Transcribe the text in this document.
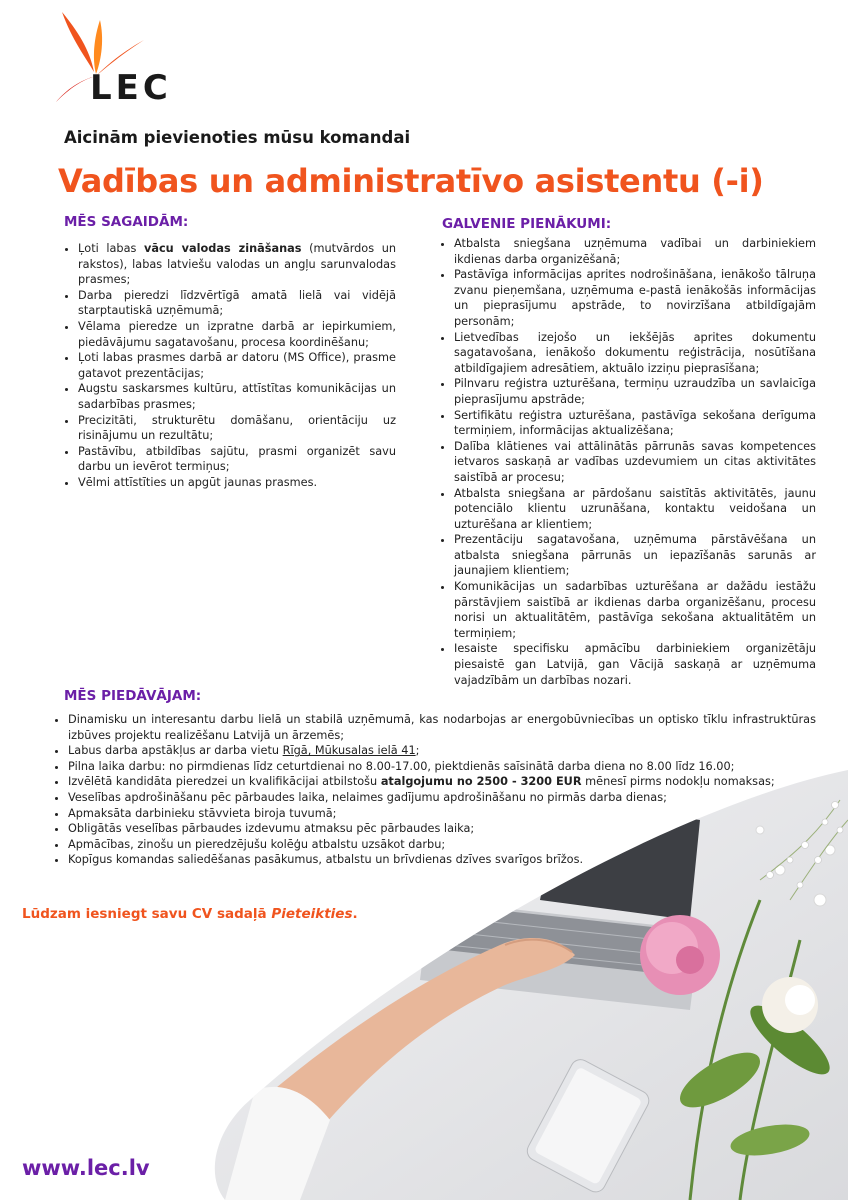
LEC
Aicinām pievienoties mūsu komandai
Vadības un administratīvo asistentu (-i)
MĒS SAGAIDĀM:
• Ļoti labas vācu valodas zināšanas (mutvārdos un rakstos), labas latviešu valodas un angļu sarunvalodas prasmes;
• Darba pieredzi līdzvērtīgā amatā lielā vai vidējā starptautiskā uzņēmumā;
• Vēlama pieredze un izpratne darbā ar iepirkumiem, piedāvājumu sagatavošanu, procesa koordinēšanu;
• Ļoti labas prasmes darbā ar datoru (MS Office), prasme gatavot prezentācijas;
• Augstu saskarsmes kultūru, attīstītas komunikācijas un sadarbības prasmes;
• Precizitāti, strukturētu domāšanu, orientāciju uz risinājumu un rezultātu;
• Pastāvību, atbildības sajūtu, prasmi organizēt savu darbu un ievērot termiņus;
• Vēlmi attīstīties un apgūt jaunas prasmes.
GALVENIE PIENĀKUMI:
• Atbalsta sniegšana uzņēmuma vadībai un darbiniekiem ikdienas darba organizēšanā;
• Pastāvīga informācijas aprites nodrošināšana, ienākošo tālruņa zvanu pieņemšana, uzņēmuma e-pastā ienākošās informācijas un pieprasījumu apstrāde, to novirzīšana atbildīgajām personām;
• Lietvedības izejošo un iekšējās aprites dokumentu sagatavošana, ienākošo dokumentu reģistrācija, nosūtīšana atbildīgajiem adresātiem, aktuālo izziņu pieprasīšana;
• Pilnvaru reģistra uzturēšana, termiņu uzraudzība un savlaicīga pieprasījumu apstrāde;
• Sertifikātu reģistra uzturēšana, pastāvīga sekošana derīguma termiņiem, informācijas aktualizēšana;
• Dalība klātienes vai attālinātās pārrunās savas kompetences ietvaros saskaņā ar vadības uzdevumiem un citas aktivitātes saistībā ar procesu;
• Atbalsta sniegšana ar pārdošanu saistītās aktivitātēs, jaunu potenciālo klientu uzrunāšana, kontaktu veidošana un uzturēšana ar klientiem;
• Prezentāciju sagatavošana, uzņēmuma pārstāvēšana un atbalsta sniegšana pārrunās un iepazīšanās sarunās ar jaunajiem klientiem;
• Komunikācijas un sadarbības uzturēšana ar dažādu iestāžu pārstāvjiem saistībā ar ikdienas darba organizēšanu, procesu norisi un aktualitātēm, pastāvīga sekošana aktualitātēm un termiņiem;
• Iesaiste specifisku apmācību darbiniekiem organizētāju piesaistē gan Latvijā, gan Vācijā saskaņā ar uzņēmuma vajadzībām un darbības nozari.
MĒS PIEDĀVĀJAM:
• Dinamisku un interesantu darbu lielā un stabilā uzņēmumā, kas nodarbojas ar energobūvniecības un optisko tīklu infrastruktūras izbūves projektu realizēšanu Latvijā un ārzemēs;
• Labus darba apstākļus ar darba vietu Rīgā, Mūkusalas ielā 41;
• Pilna laika darbu: no pirmdienas līdz ceturtdienai no 8.00-17.00, piektdienās saīsinātā darba diena no 8.00 līdz 16.00;
• Izvēlētā kandidāta pieredzei un kvalifikācijai atbilstošu atalgojumu no 2500 - 3200 EUR mēnesī pirms nodokļu nomaksas;
• Veselības apdrošināšanu pēc pārbaudes laika, nelaimes gadījumu apdrošināšanu no pirmās darba dienas;
• Apmaksāta darbinieku stāvvieta biroja tuvumā;
• Obligātās veselības pārbaudes izdevumu atmaksu pēc pārbaudes laika;
• Apmācības, zinošu un pieredzējušu kolēģu atbalstu uzsākot darbu;
• Kopīgus komandas saliedēšanas pasākumus, atbalstu un brīvdienas dzīves svarīgos brīžos.
Lūdzam iesniegt savu CV sadaļā Pieteikties.
www.lec.lv
